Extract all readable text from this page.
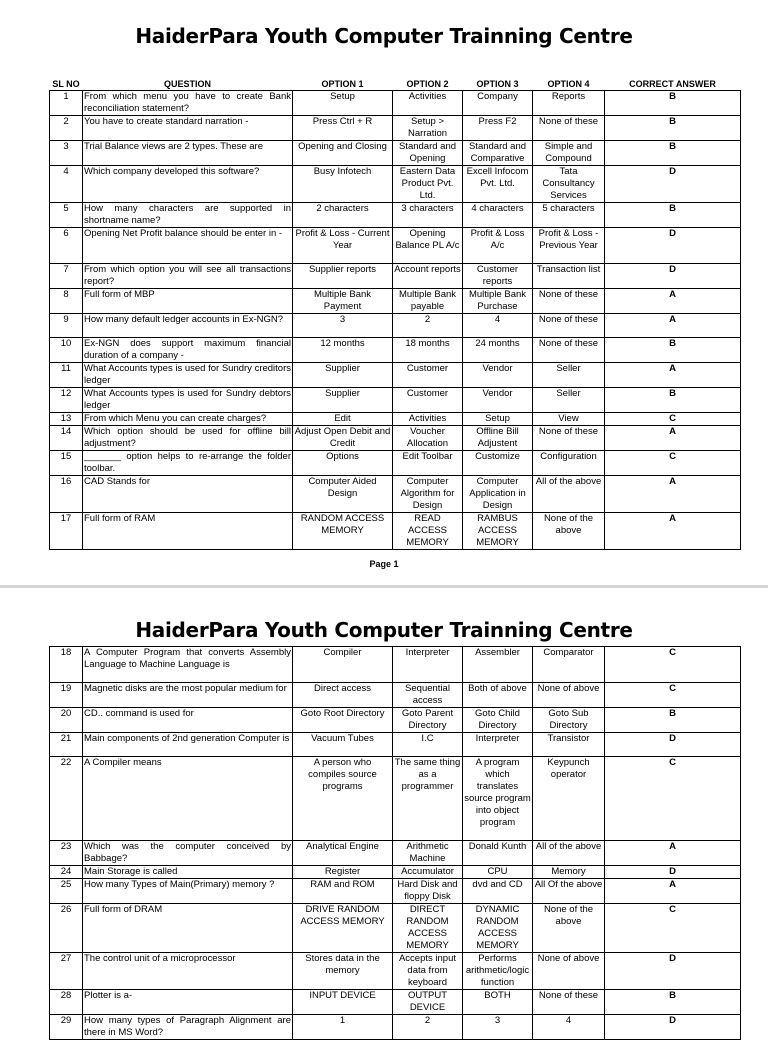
HaiderPara Youth Computer Trainning Centre
SL NO	QUESTION	OPTION 1	OPTION 2	OPTION 3	OPTION 4	CORRECT ANSWER
1	From which menu you have to create Bank reconciliation statement?	Setup	Activities	Company	Reports	B
2	You have to create standard narration -	Press Ctrl + R	Setup > Narration	Press F2	None of these	B
3	Trial Balance views are 2 types. These are	Opening and Closing	Standard and Opening	Standard and Comparative	Simple and Compound	B
4	Which company developed this software?	Busy Infotech	Eastern Data Product Pvt. Ltd.	Excell Infocom Pvt. Ltd.	Tata Consultancy Services	D
5	How many characters are supported in shortname name?	2 characters	3 characters	4 characters	5 characters	B
6	Opening Net Profit balance should be enter in -	Profit & Loss - Current Year	Opening Balance PL A/c	Profit & Loss A/c	Profit & Loss - Previous Year	D
7	From which option you will see all transactions report?	Supplier reports	Account reports	Customer reports	Transaction list	D
8	Full form of MBP	Multiple Bank Payment	Multiple Bank payable	Multiple Bank Purchase	None of these	A
9	How many default ledger accounts in Ex-NGN?	3	2	4	None of these	A
10	Ex-NGN does support maximum financial duration of a company -	12 months	18 months	24 months	None of these	B
11	What Accounts types is used for Sundry creditors ledger	Supplier	Customer	Vendor	Seller	A
12	What Accounts types is used for Sundry debtors ledger	Supplier	Customer	Vendor	Seller	B
13	From which Menu you can create charges?	Edit	Activities	Setup	View	C
14	Which option should be used for offline bill adjustment?	Adjust Open Debit and Credit	Voucher Allocation	Offline Bill Adjustent	None of these	A
15	_______ option helps to re-arrange the folder toolbar.	Options	Edit Toolbar	Customize	Configuration	C
16	CAD Stands for	Computer Aided Design	Computer Algorithm for Design	Computer Application in Design	All of the above	A
17	Full form of RAM	RANDOM ACCESS MEMORY	READ ACCESS MEMORY	RAMBUS ACCESS MEMORY	None of the above	A
Page 1
HaiderPara Youth Computer Trainning Centre
18	A Computer Program that converts Assembly Language to Machine Language is	Compiler	Interpreter	Assembler	Comparator	C
19	Magnetic disks are the most popular medium for	Direct access	Sequential access	Both of above	None of above	C
20	CD.. command is used for	Goto Root Directory	Goto Parent Directory	Goto Child Directory	Goto Sub Directory	B
21	Main components of 2nd generation Computer is	Vacuum Tubes	I.C	Interpreter	Transistor	D
22	A Compiler means	A person who compiles source programs	The same thing as a programmer	A program which translates source program into object program	Keypunch operator	C
23	Which was the computer conceived by Babbage?	Analytical Engine	Arithmetic Machine	Donald Kunth	All of the above	A
24	Main Storage is called	Register	Accumulator	CPU	Memory	D
25	How many Types of Main(Primary) memory ?	RAM and ROM	Hard Disk and floppy Disk	dvd and CD	All Of the above	A
26	Full form of DRAM	DRIVE RANDOM ACCESS MEMORY	DIRECT RANDOM ACCESS MEMORY	DYNAMIC RANDOM ACCESS MEMORY	None of the above	C
27	The control unit of a microprocessor	Stores data in the memory	Accepts input data from keyboard	Performs arithmetic/logic function	None of above	D
28	Plotter is a-	INPUT DEVICE	OUTPUT DEVICE	BOTH	None of these	B
29	How many types of Paragraph Alignment are there in MS Word?	1	2	3	4	D
